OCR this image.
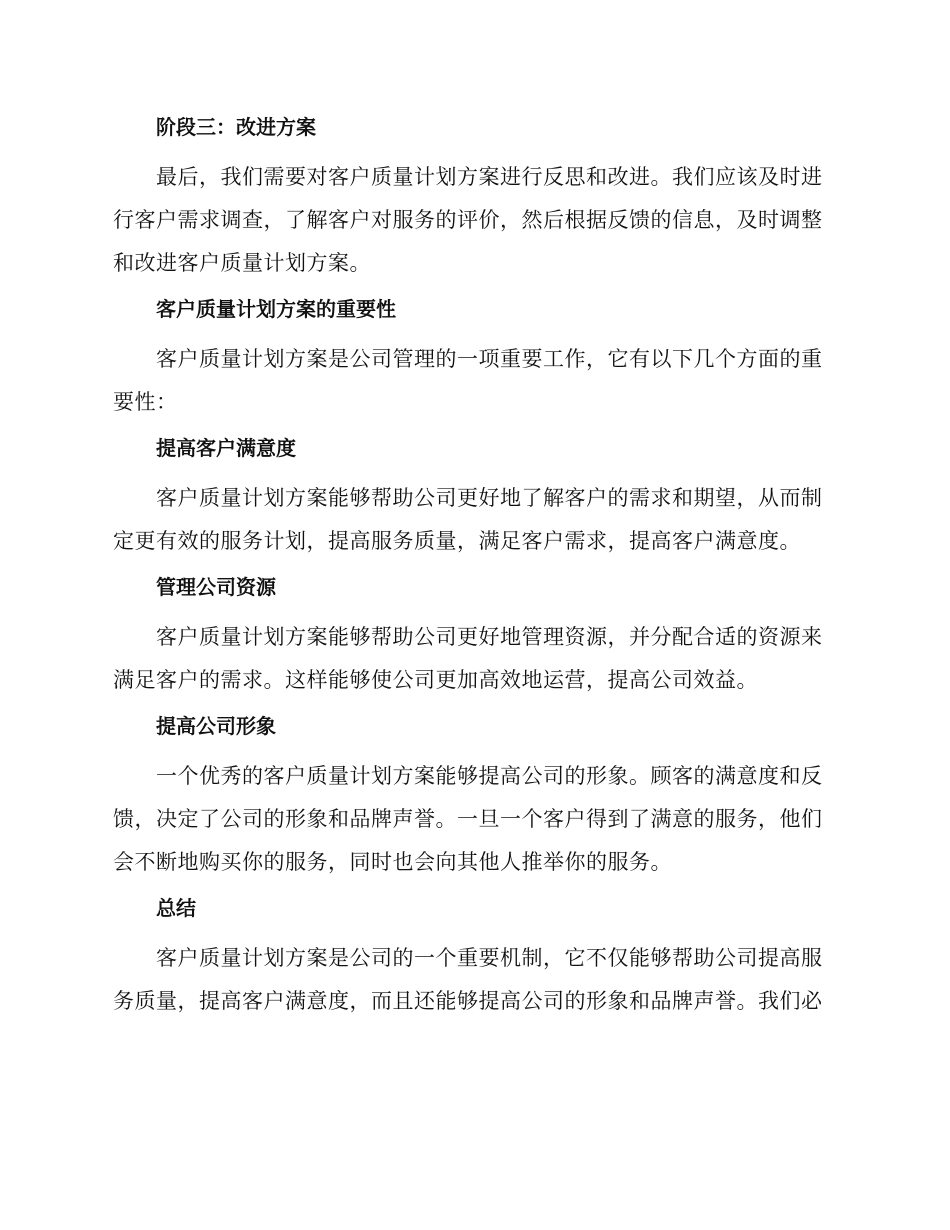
阶段三：改进方案

最后，我们需要对客户质量计划方案进行反思和改进。我们应该及时进行客户需求调查，了解客户对服务的评价，然后根据反馈的信息，及时调整和改进客户质量计划方案。

客户质量计划方案的重要性

客户质量计划方案是公司管理的一项重要工作，它有以下几个方面的重要性：

提高客户满意度

客户质量计划方案能够帮助公司更好地了解客户的需求和期望，从而制定更有效的服务计划，提高服务质量，满足客户需求，提高客户满意度。

管理公司资源

客户质量计划方案能够帮助公司更好地管理资源，并分配合适的资源来满足客户的需求。这样能够使公司更加高效地运营，提高公司效益。

提高公司形象

一个优秀的客户质量计划方案能够提高公司的形象。顾客的满意度和反馈，决定了公司的形象和品牌声誉。一旦一个客户得到了满意的服务，他们会不断地购买你的服务，同时也会向其他人推举你的服务。

总结

客户质量计划方案是公司的一个重要机制，它不仅能够帮助公司提高服务质量，提高客户满意度，而且还能够提高公司的形象和品牌声誉。我们必
